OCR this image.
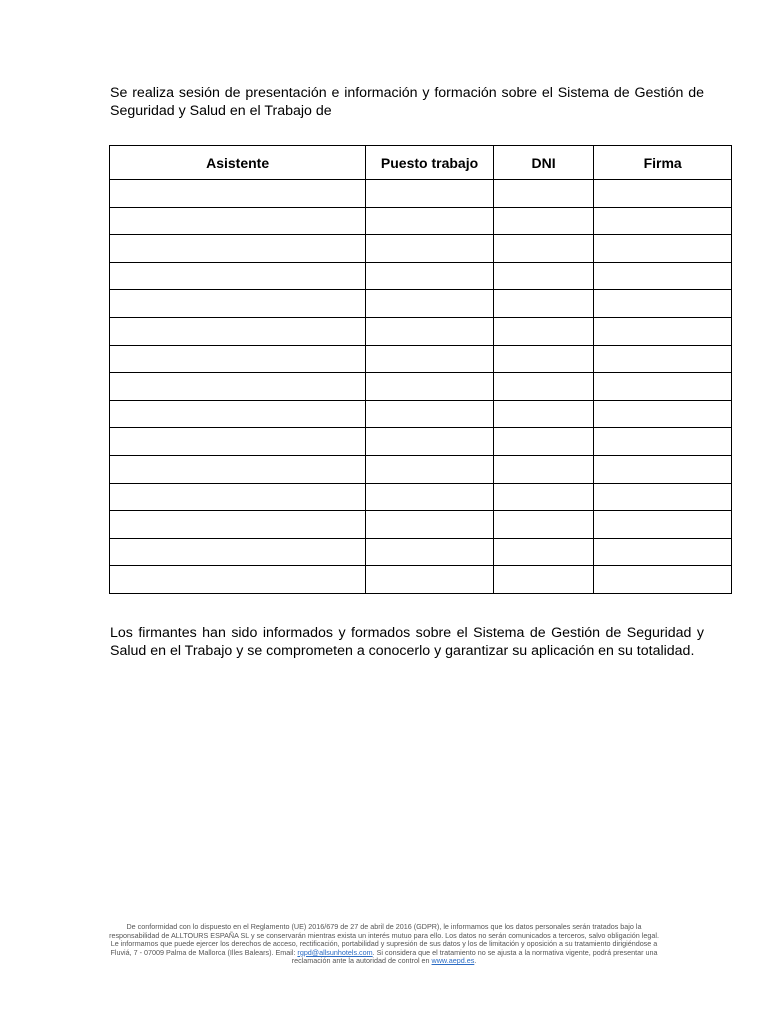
Se realiza sesión de presentación e información y formación sobre el Sistema de Gestión de Seguridad y Salud en el Trabajo de

Asistente	Puesto trabajo	DNI	Firma

Los firmantes han sido informados y formados sobre el Sistema de Gestión de Seguridad y Salud en el Trabajo y se comprometen a conocerlo y garantizar su aplicación en su totalidad.

De conformidad con lo dispuesto en el Reglamento (UE) 2016/679 de 27 de abril de 2016 (GDPR), le informamos que los datos personales serán tratados bajo la responsabilidad de ALLTOURS ESPAÑA SL y se conservarán mientras exista un interés mutuo para ello. Los datos no serán comunicados a terceros, salvo obligación legal. Le informamos que puede ejercer los derechos de acceso, rectificación, portabilidad y supresión de sus datos y los de limitación y oposición a su tratamiento dirigiéndose a Fluviá, 7 - 07009 Palma de Mallorca (Illes Balears). Email: rgpd@allsunhotels.com. Si considera que el tratamiento no se ajusta a la normativa vigente, podrá presentar una reclamación ante la autoridad de control en www.aepd.es.
